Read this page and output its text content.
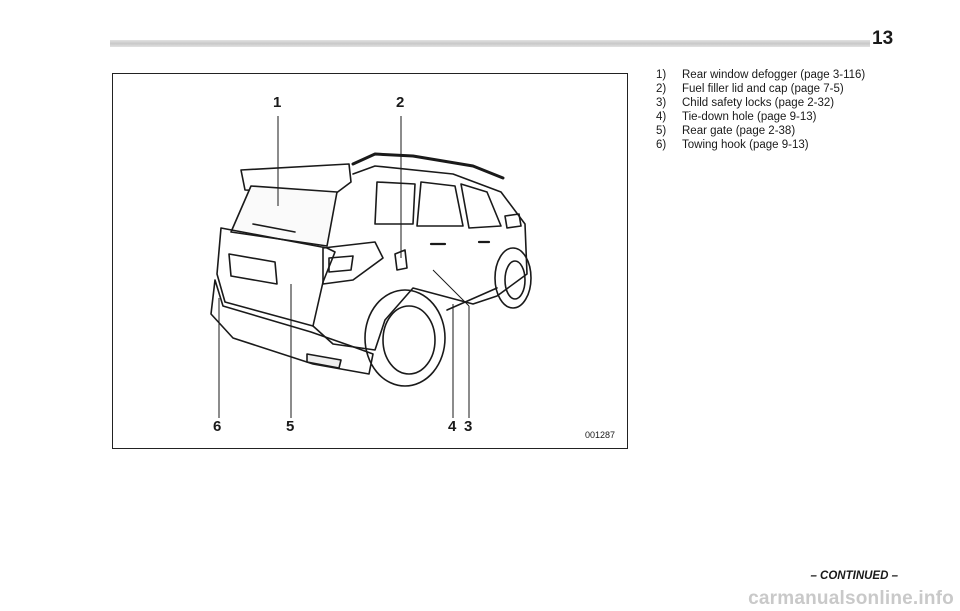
13
1	2
6	5	4 3	001287
1) Rear window defogger (page 3-116)
2) Fuel filler lid and cap (page 7-5)
3) Child safety locks (page 2-32)
4) Tie-down hole (page 9-13)
5) Rear gate (page 2-38)
6) Towing hook (page 9-13)
– CONTINUED –
carmanualsonline.info
